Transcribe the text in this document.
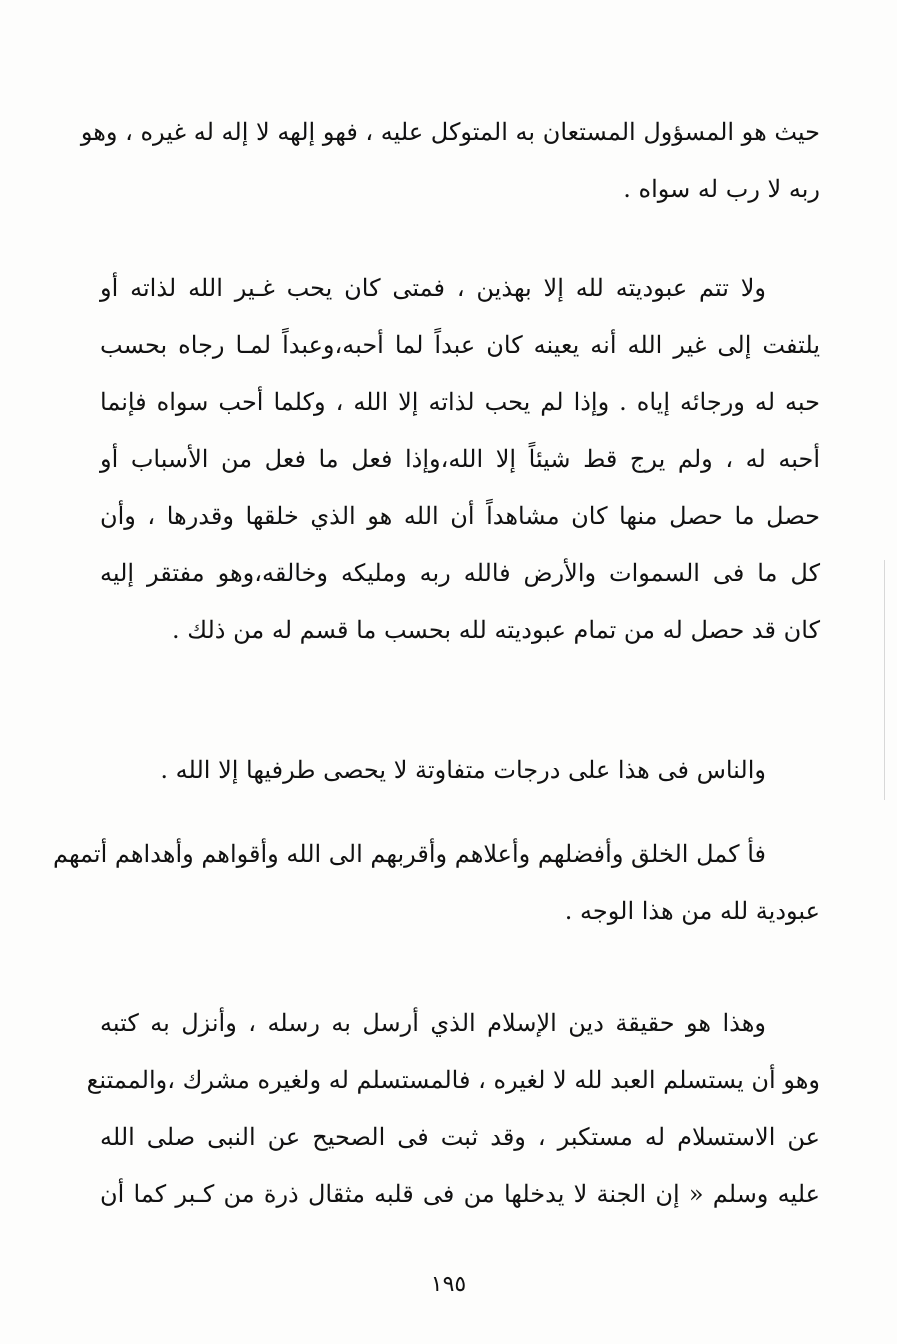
حيث هو المسؤول المستعان به المتوكل عليه ، فهو إلهه لا إله له غيره ، وهو
ربه لا رب له سواه .
ولا تتم عبوديته لله إلا بهذين ، فمتى كان يحب غـير الله لذاته أو
يلتفت إلى غير الله أنه يعينه كان عبداً لما أحبه،وعبداً لمـا رجاه بحسب
حبه له ورجائه إياه . وإذا لم يحب لذاته إلا الله ، وكلما أحب سواه فإنما
أحبه له ، ولم يرج قط شيئاً إلا الله،وإذا فعل ما فعل من الأسباب أو
حصل ما حصل منها كان مشاهداً أن الله هو الذي خلقها وقدرها ، وأن
كل ما فى السموات والأرض فالله ربه ومليكه وخالقه،وهو مفتقر إليه
كان قد حصل له من تمام عبوديته لله بحسب ما قسم له من ذلك .
والناس فى هذا على درجات متفاوتة لا يحصى طرفيها إلا الله .
فأ كمل الخلق وأفضلهم وأعلاهم وأقربهم الى الله وأقواهم وأهداهم أتمهم
عبودية لله من هذا الوجه .
وهذا هو حقيقة دين الإسلام الذي أرسل به رسله ، وأنزل به كتبه
وهو أن يستسلم العبد لله لا لغيره ، فالمستسلم له ولغيره مشرك ،والممتنع
عن الاستسلام له مستكبر ، وقد ثبت فى الصحيح عن النبى صلى الله
عليه وسلم « إن الجنة لا يدخلها من فى قلبه مثقال ذرة من كـبر كما أن
١٩٥
